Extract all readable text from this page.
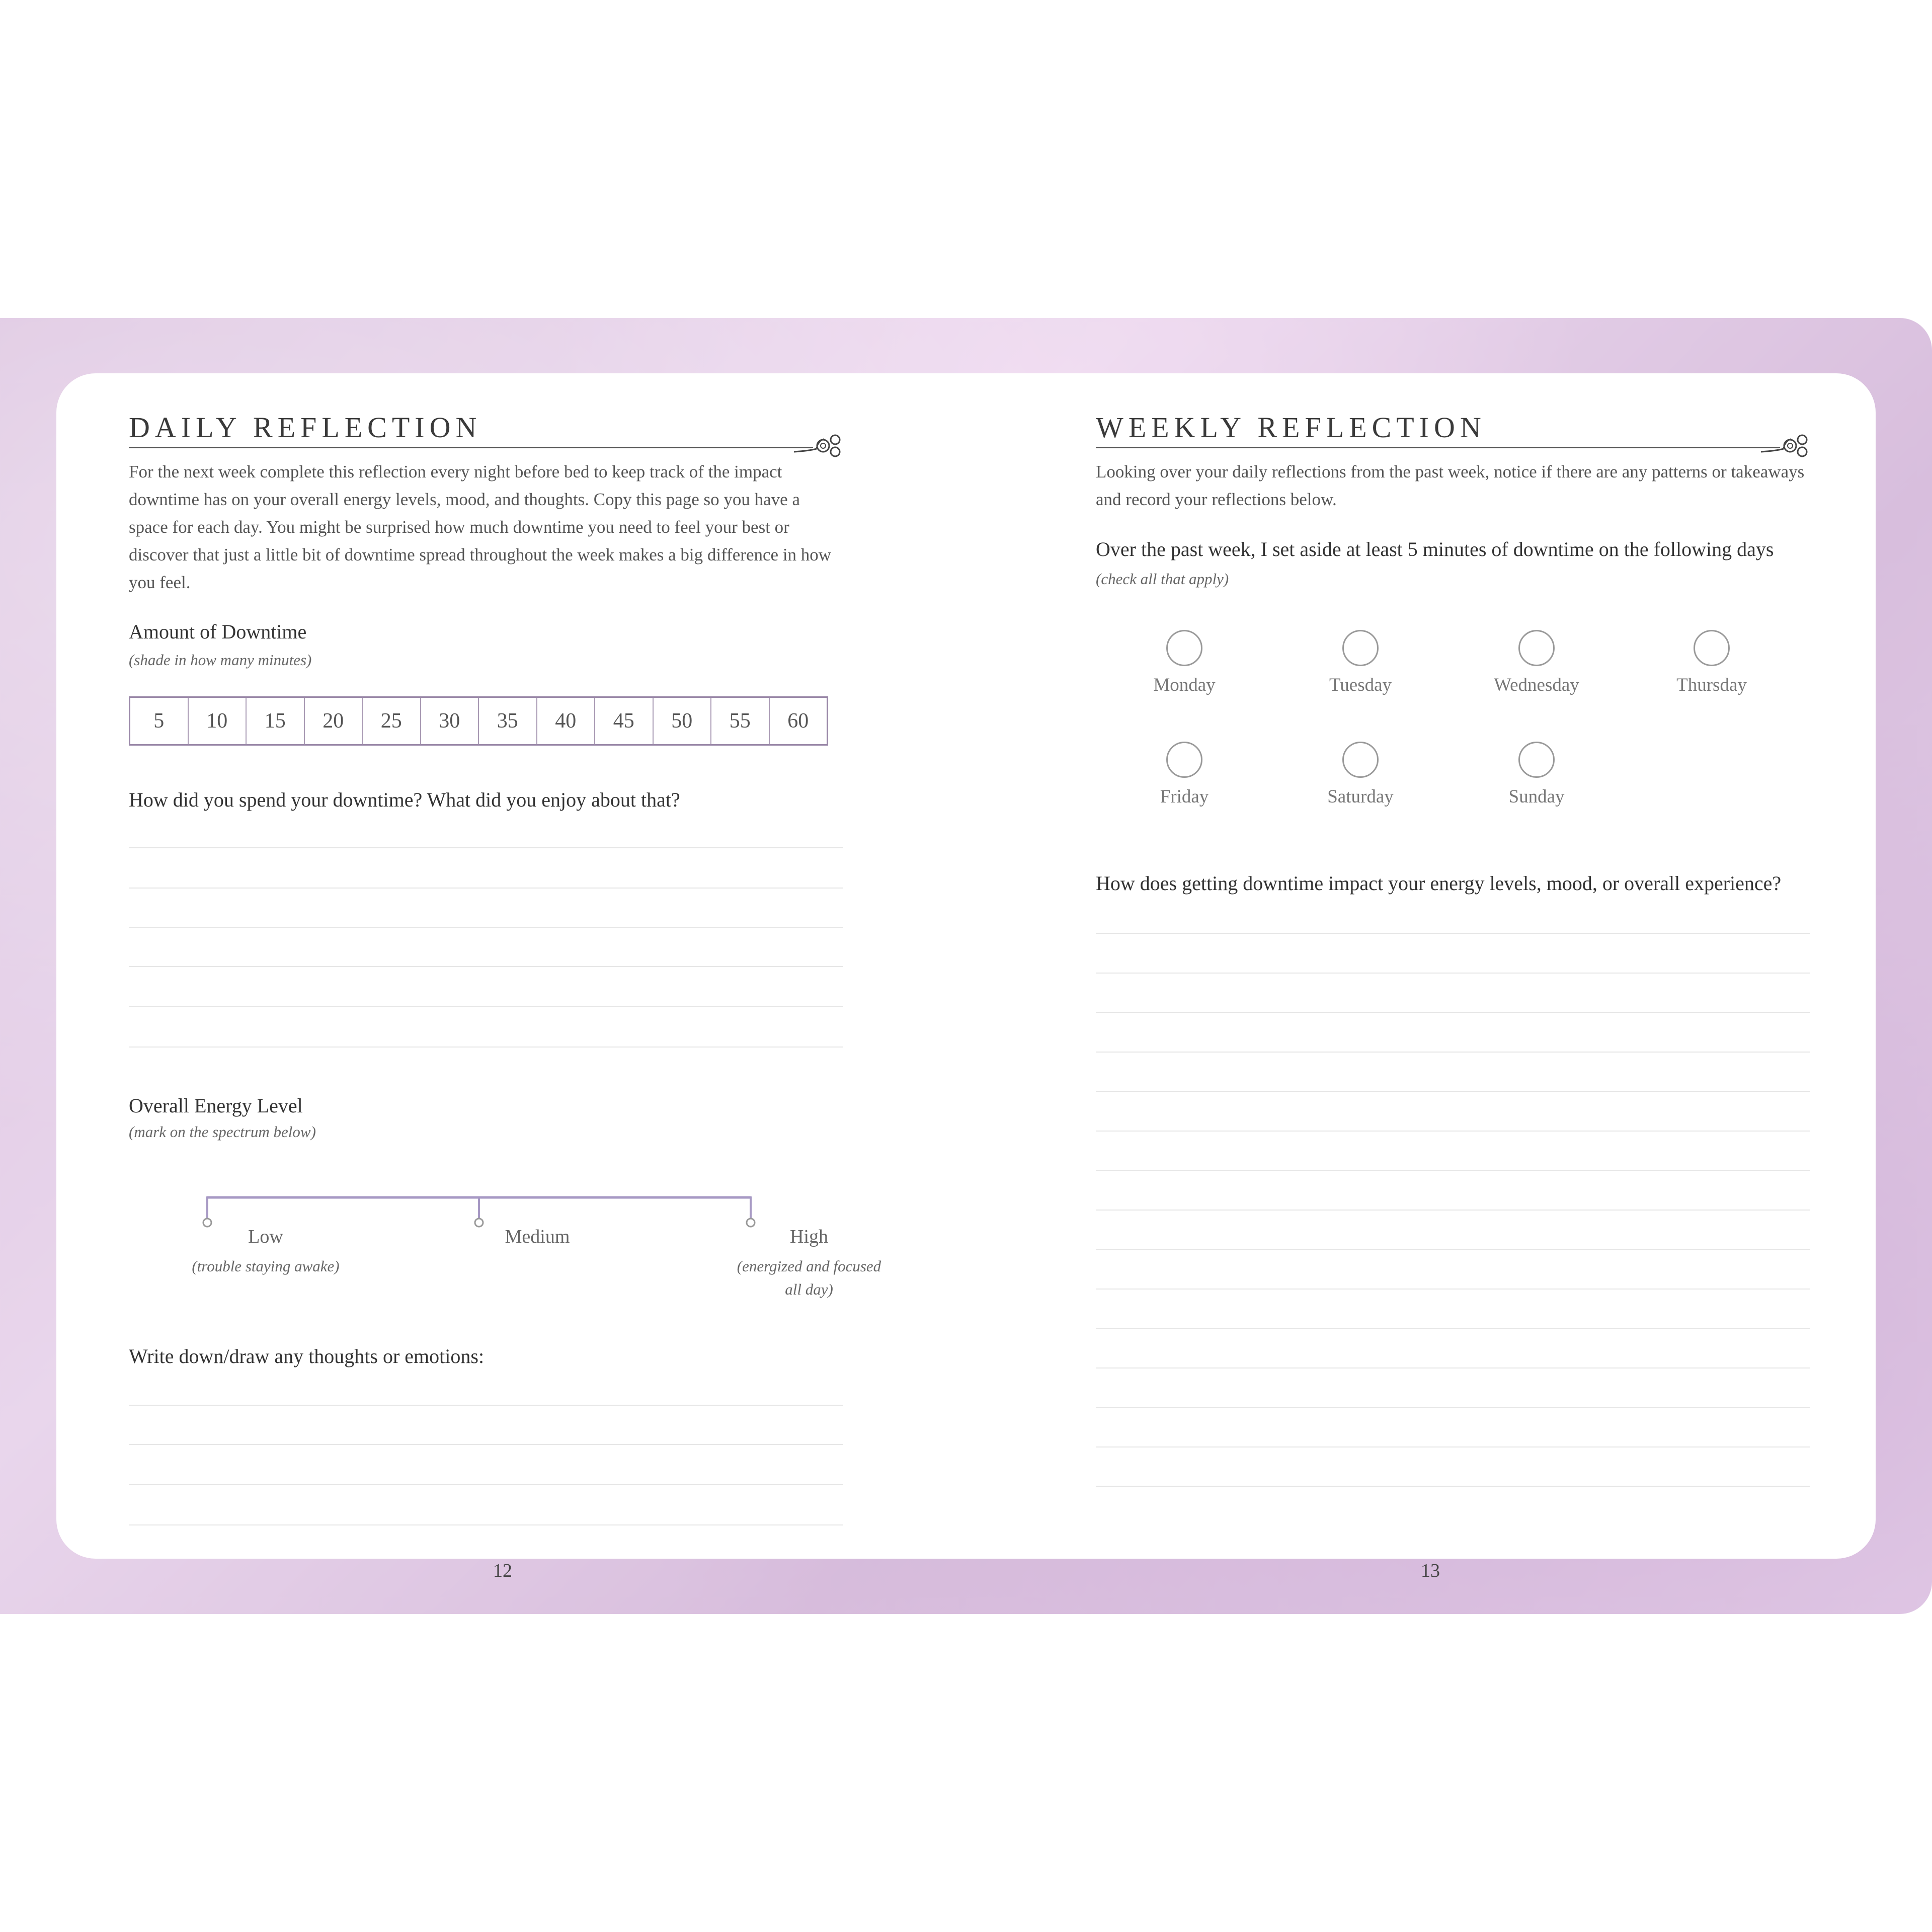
DAILY REFLECTION
For the next week complete this reflection every night before bed to keep track of the impact downtime has on your overall energy levels, mood, and thoughts. Copy this page so you have a space for each day. You might be surprised how much downtime you need to feel your best or discover that just a little bit of downtime spread throughout the week makes a big difference in how you feel.
Amount of Downtime
(shade in how many minutes)
5	10	15	20	25	30	35	40	45	50	55	60
How did you spend your downtime? What did you enjoy about that?
Overall Energy Level
(mark on the spectrum below)
Write down/draw any thoughts or emotions:
12
Low	Medium	High
(trouble staying awake)	(energized and focused all day)
WEEKLY REFLECTION
Looking over your daily reflections from the past week, notice if there are any patterns or takeaways and record your reflections below.
Over the past week, I set aside at least 5 minutes of downtime on the following days (check all that apply)
13
Monday	Tuesday	Wednesday	Thursday
Friday	Saturday	Sunday
How does getting downtime impact your energy levels, mood, or overall experience?
